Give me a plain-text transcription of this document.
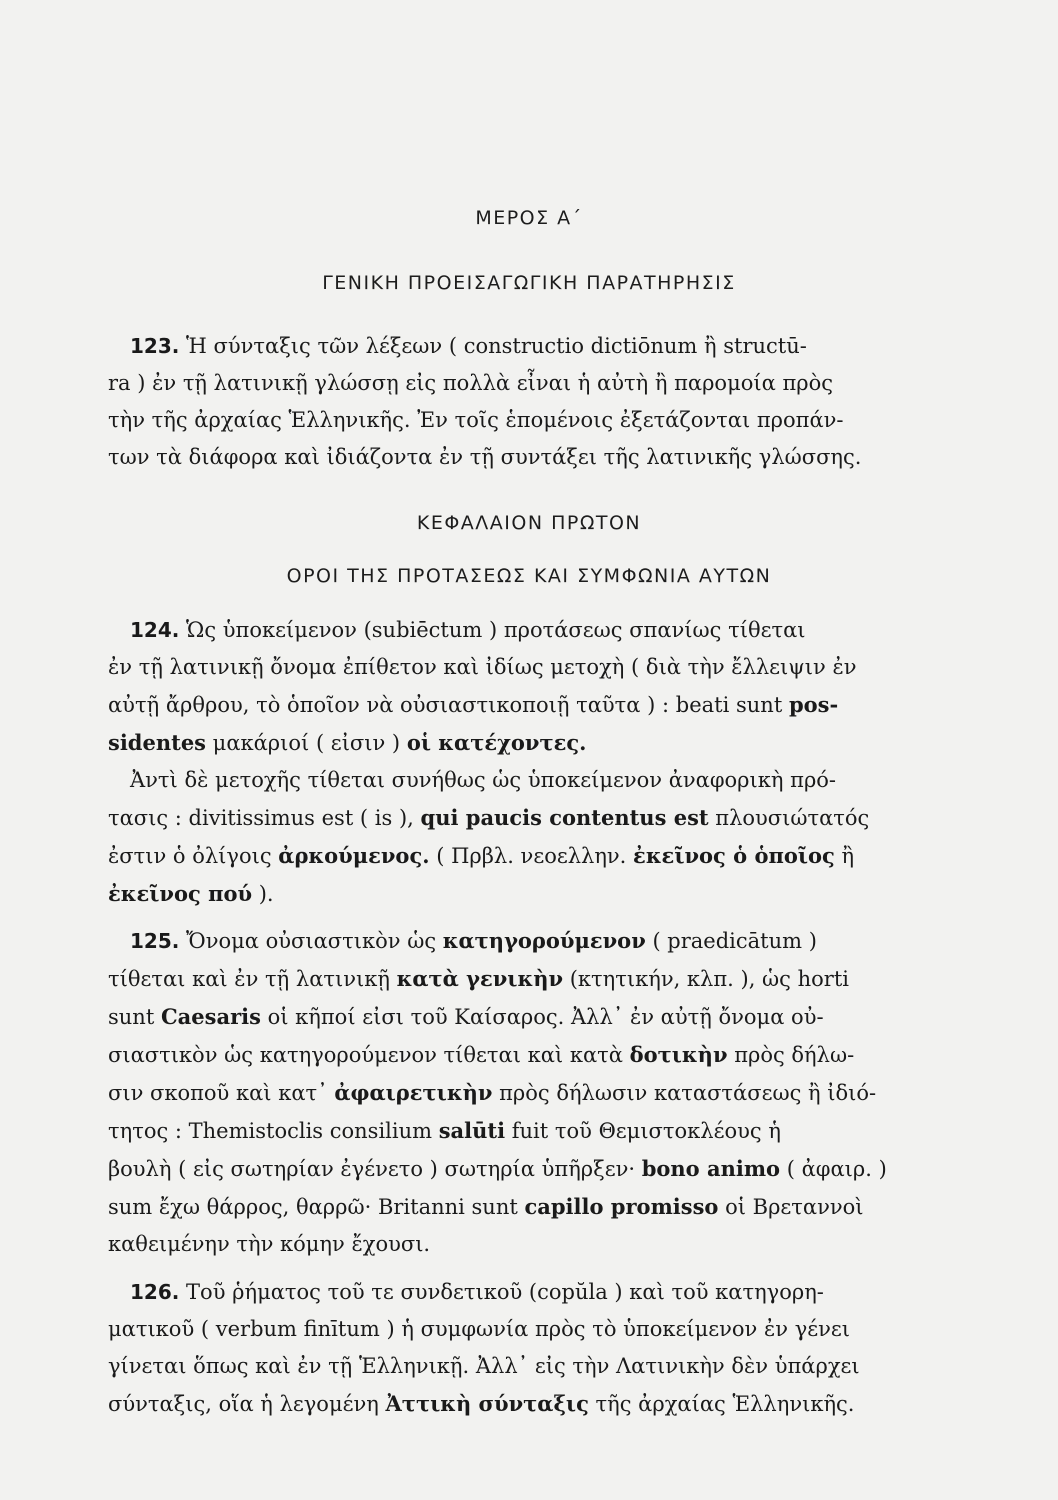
ΜΕΡΟΣ Α΄
ΓΕΝΙΚΗ ΠΡΟΕΙΣΑΓΩΓΙΚΗ ΠΑΡΑΤΗΡΗΣΙΣ
123. Ἡ σύνταξις τῶν λέξεων ( constructio dictiōnum ἢ structū-
ra ) ἐν τῇ λατινικῇ γλώσσῃ εἰς πολλὰ εἶναι ἡ αὐτὴ ἢ παρομοία πρὸς
τὴν τῆς ἀρχαίας Ἑλληνικῆς. Ἐν τοῖς ἑπομένοις ἐξετάζονται προπάν-
των τὰ διάφορα καὶ ἰδιάζοντα ἐν τῇ συντάξει τῆς λατινικῆς γλώσσης.
ΚΕΦΑΛΑΙΟΝ ΠΡΩΤΟΝ
ΟΡΟΙ ΤΗΣ ΠΡΟΤΑΣΕΩΣ ΚΑΙ ΣΥΜΦΩΝΙΑ ΑΥΤΩΝ
124. Ὡς ὑποκείμενον (subiēctum ) προτάσεως σπανίως τίθεται
ἐν τῇ λατινικῇ ὄνομα ἐπίθετον καὶ ἰδίως μετοχὴ ( διὰ τὴν ἔλλειψιν ἐν
αὐτῇ ἄρθρου, τὸ ὁποῖον νὰ οὐσιαστικοποιῇ ταῦτα ) : beati sunt pos-
sidentes μακάριοί ( εἰσιν ) οἱ κατέχοντες.
Ἀντὶ δὲ μετοχῆς τίθεται συνήθως ὡς ὑποκείμενον ἀναφορικὴ πρό-
τασις : divitissimus est ( is ), qui paucis contentus est πλουσιώτατός
ἐστιν ὁ ὀλίγοις ἀρκούμενος. ( Πρβλ. νεοελλην. ἐκεῖνος ὁ ὁποῖος ἢ
ἐκεῖνος πού ).
125. Ὄνομα οὐσιαστικὸν ὡς κατηγορούμενον ( praedicātum )
τίθεται καὶ ἐν τῇ λατινικῇ κατὰ γενικὴν (κτητικήν, κλπ. ), ὡς horti
sunt Caesaris οἱ κῆποί εἰσι τοῦ Καίσαρος. Ἀλλ᾽ ἐν αὐτῇ ὄνομα οὐ-
σιαστικὸν ὡς κατηγορούμενον τίθεται καὶ κατὰ δοτικὴν πρὸς δήλω-
σιν σκοποῦ καὶ κατ᾽ ἀφαιρετικὴν πρὸς δήλωσιν καταστάσεως ἢ ἰδιό-
τητος : Themistoclis consilium salūti fuit τοῦ Θεμιστοκλέους ἡ
βουλὴ ( εἰς σωτηρίαν ἐγένετο ) σωτηρία ὑπῆρξεν· bono animo ( ἀφαιρ. )
sum ἔχω θάρρος, θαρρῶ· Britanni sunt capillo promisso οἱ Βρεταννοὶ
καθειμένην τὴν κόμην ἔχουσι.
126. Τοῦ ῥήματος τοῦ τε συνδετικοῦ (copŭla ) καὶ τοῦ κατηγορη-
ματικοῦ ( verbum finītum ) ἡ συμφωνία πρὸς τὸ ὑποκείμενον ἐν γένει
γίνεται ὅπως καὶ ἐν τῇ Ἑλληνικῇ. Ἀλλ᾽ εἰς τὴν Λατινικὴν δὲν ὑπάρχει
σύνταξις, οἵα ἡ λεγομένη Ἀττικὴ σύνταξις τῆς ἀρχαίας Ἑλληνικῆς.
